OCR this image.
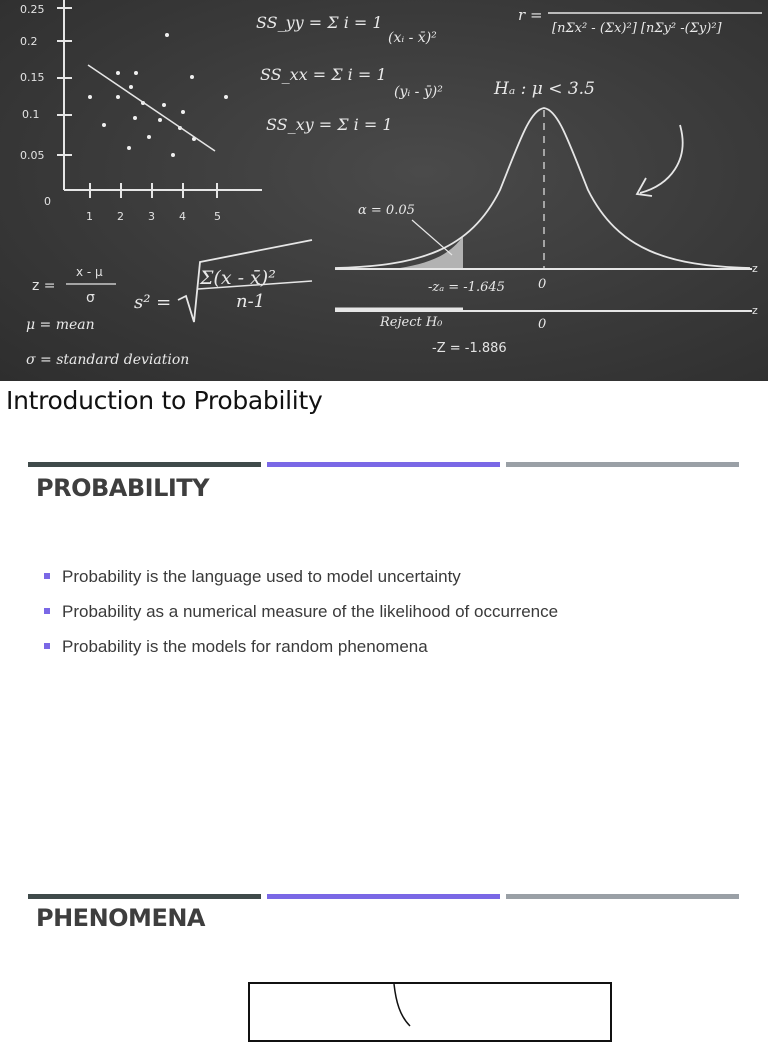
0.25
0.2
0.15
0.1
0.05
0
1 2 3 4	5
SS_yy = Σ i = 1
SS_xx = Σ i = 1
SS_xy = Σ i = 1
(xᵢ - x̄)²
(yᵢ - ȳ)²
r =
[nΣx² - (Σx)²] [nΣy² -(Σy)²]
Hₐ : μ < 3.5
α = 0.05
z
-zₐ = -1.645	0
z
Reject H₀	0
-Z = -1.886
z =
x - μ
σ s² =
Σ(x - x̄)²
n-1
μ = mean
σ = standard deviation
Introduction to Probability
PROBABILITY
Probability is the language used to model uncertainty
Probability as a numerical measure of the likelihood of occurrence
Probability is the models for random phenomena
PHENOMENA
